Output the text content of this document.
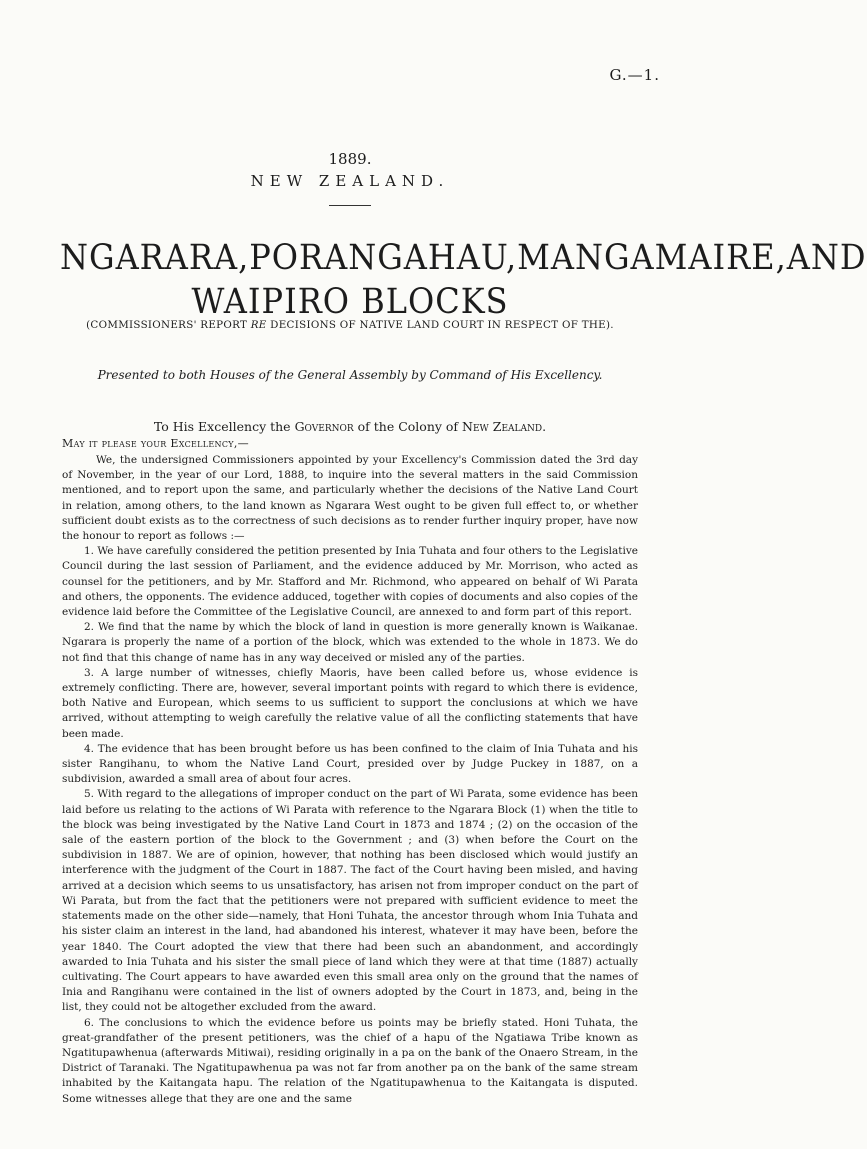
G.—1.
1889.
NEW ZEALAND.
NGARARA, PORANGAHAU, MANGAMAIRE, AND
WAIPIRO BLOCKS
(COMMISSIONERS' REPORT RE DECISIONS OF NATIVE LAND COURT IN RESPECT OF THE).
Presented to both Houses of the General Assembly by Command of His Excellency.
To His Excellency the Governor of the Colony of New Zealand.
May it please your Excellency,—

We, the undersigned Commissioners appointed by your Excellency's Commission dated the 3rd day of November, in the year of our Lord, 1888, to inquire into the several matters in the said Commission mentioned, and to report upon the same, and particularly whether the decisions of the Native Land Court in relation, among others, to the land known as Ngarara West ought to be given full effect to, or whether sufficient doubt exists as to the correctness of such decisions as to render further inquiry proper, have now the honour to report as follows :—

1. We have carefully considered the petition presented by Inia Tuhata and four others to the Legislative Council during the last session of Parliament, and the evidence adduced by Mr. Morrison, who acted as counsel for the petitioners, and by Mr. Stafford and Mr. Richmond, who appeared on behalf of Wi Parata and others, the opponents. The evidence adduced, together with copies of documents and also copies of the evidence laid before the Committee of the Legislative Council, are annexed to and form part of this report.

2. We find that the name by which the block of land in question is more generally known is Waikanae. Ngarara is properly the name of a portion of the block, which was extended to the whole in 1873. We do not find that this change of name has in any way deceived or misled any of the parties.

3. A large number of witnesses, chiefly Maoris, have been called before us, whose evidence is extremely conflicting. There are, however, several important points with regard to which there is evidence, both Native and European, which seems to us sufficient to support the conclusions at which we have arrived, without attempting to weigh carefully the relative value of all the conflicting statements that have been made.

4. The evidence that has been brought before us has been confined to the claim of Inia Tuhata and his sister Rangihanu, to whom the Native Land Court, presided over by Judge Puckey in 1887, on a subdivision, awarded a small area of about four acres.

5. With regard to the allegations of improper conduct on the part of Wi Parata, some evidence has been laid before us relating to the actions of Wi Parata with reference to the Ngarara Block (1) when the title to the block was being investigated by the Native Land Court in 1873 and 1874 ; (2) on the occasion of the sale of the eastern portion of the block to the Government ; and (3) when before the Court on the subdivision in 1887. We are of opinion, however, that nothing has been disclosed which would justify an interference with the judgment of the Court in 1887. The fact of the Court having been misled, and having arrived at a decision which seems to us unsatisfactory, has arisen not from improper conduct on the part of Wi Parata, but from the fact that the petitioners were not prepared with sufficient evidence to meet the statements made on the other side—namely, that Honi Tuhata, the ancestor through whom Inia Tuhata and his sister claim an interest in the land, had abandoned his interest, whatever it may have been, before the year 1840. The Court adopted the view that there had been such an abandonment, and accordingly awarded to Inia Tuhata and his sister the small piece of land which they were at that time (1887) actually cultivating. The Court appears to have awarded even this small area only on the ground that the names of Inia and Rangihanu were contained in the list of owners adopted by the Court in 1873, and, being in the list, they could not be altogether excluded from the award.

6. The conclusions to which the evidence before us points may be briefly stated. Honi Tuhata, the great-grandfather of the present petitioners, was the chief of a hapu of the Ngatiawa Tribe known as Ngatitupawhenua (afterwards Mitiwai), residing originally in a pa on the bank of the Onaero Stream, in the District of Taranaki. The Ngatitupawhenua pa was not far from another pa on the bank of the same stream inhabited by the Kaitangata hapu. The relation of the Ngatitupawhenua to the Kaitangata is disputed. Some witnesses allege that they are one and the same
